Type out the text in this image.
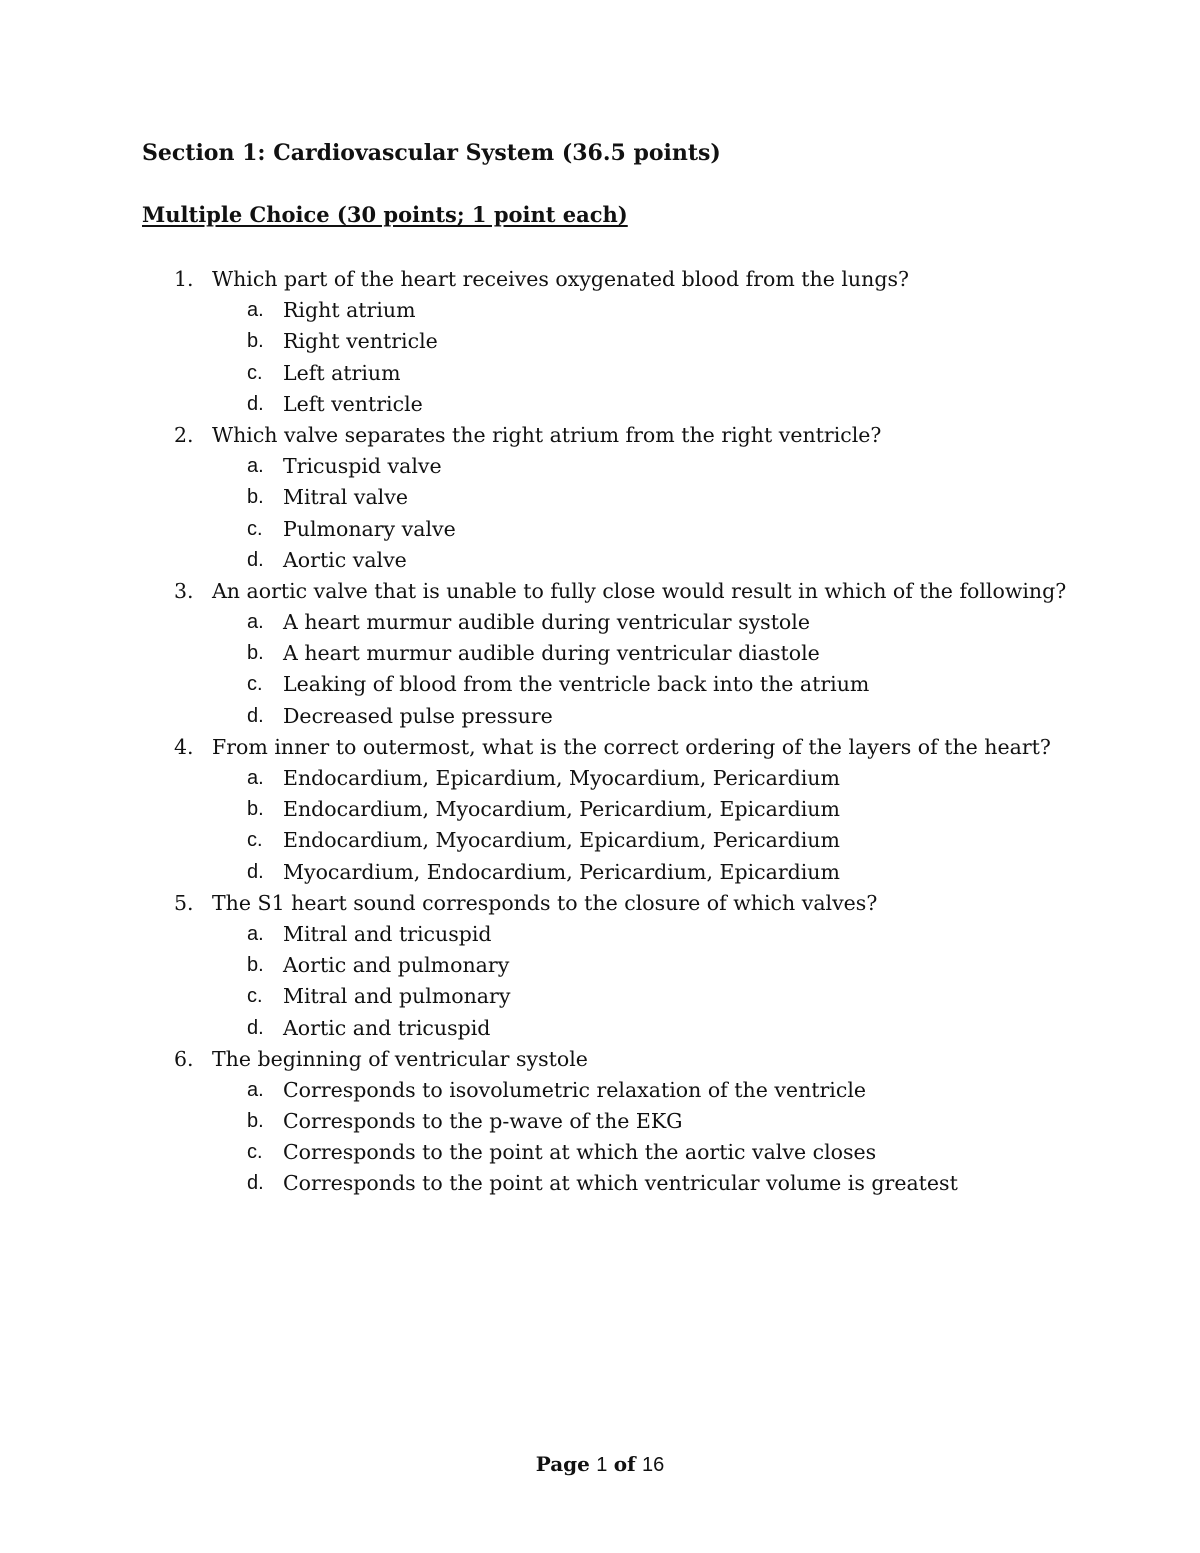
Section 1: Cardiovascular System (36.5 points)
Multiple Choice (30 points; 1 point each)
1. Which part of the heart receives oxygenated blood from the lungs?
a. Right atrium
b. Right ventricle
c. Left atrium
d. Left ventricle
2. Which valve separates the right atrium from the right ventricle?
a. Tricuspid valve
b. Mitral valve
c. Pulmonary valve
d. Aortic valve
3. An aortic valve that is unable to fully close would result in which of the following?
a. A heart murmur audible during ventricular systole
b. A heart murmur audible during ventricular diastole
c. Leaking of blood from the ventricle back into the atrium
d. Decreased pulse pressure
4. From inner to outermost, what is the correct ordering of the layers of the heart?
a. Endocardium, Epicardium, Myocardium, Pericardium
b. Endocardium, Myocardium, Pericardium, Epicardium
c. Endocardium, Myocardium, Epicardium, Pericardium
d. Myocardium, Endocardium, Pericardium, Epicardium
5. The S1 heart sound corresponds to the closure of which valves?
a. Mitral and tricuspid
b. Aortic and pulmonary
c. Mitral and pulmonary
d. Aortic and tricuspid
6. The beginning of ventricular systole
a. Corresponds to isovolumetric relaxation of the ventricle
b. Corresponds to the p-wave of the EKG
c. Corresponds to the point at which the aortic valve closes
d. Corresponds to the point at which ventricular volume is greatest
Page 1 of 16
